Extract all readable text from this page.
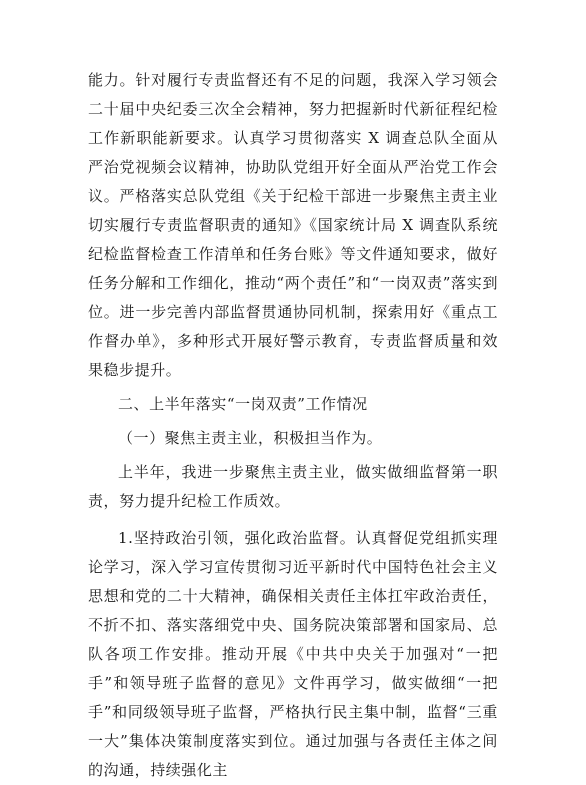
能力。针对履行专责监督还有不足的问题，我深入学习领会二十届中央纪委三次全会精神，努力把握新时代新征程纪检工作新职能新要求。认真学习贯彻落实 X 调查总队全面从严治党视频会议精神，协助队党组开好全面从严治党工作会议。严格落实总队党组《关于纪检干部进一步聚焦主责主业切实履行专责监督职责的通知》《国家统计局 X 调查队系统纪检监督检查工作清单和任务台账》等文件通知要求，做好任务分解和工作细化，推动“两个责任”和“一岗双责”落实到位。进一步完善内部监督贯通协同机制，探索用好《重点工作督办单》，多种形式开展好警示教育，专责监督质量和效果稳步提升。

二、上半年落实“一岗双责”工作情况

（一）聚焦主责主业，积极担当作为。

上半年，我进一步聚焦主责主业，做实做细监督第一职责，努力提升纪检工作质效。

1.坚持政治引领，强化政治监督。认真督促党组抓实理论学习，深入学习宣传贯彻习近平新时代中国特色社会主义思想和党的二十大精神，确保相关责任主体扛牢政治责任，不折不扣、落实落细党中央、国务院决策部署和国家局、总队各项工作安排。推动开展《中共中央关于加强对“一把手”和领导班子监督的意见》文件再学习，做实做细“一把手”和同级领导班子监督，严格执行民主集中制，监督“三重一大”集体决策制度落实到位。通过加强与各责任主体之间的沟通，持续强化主
